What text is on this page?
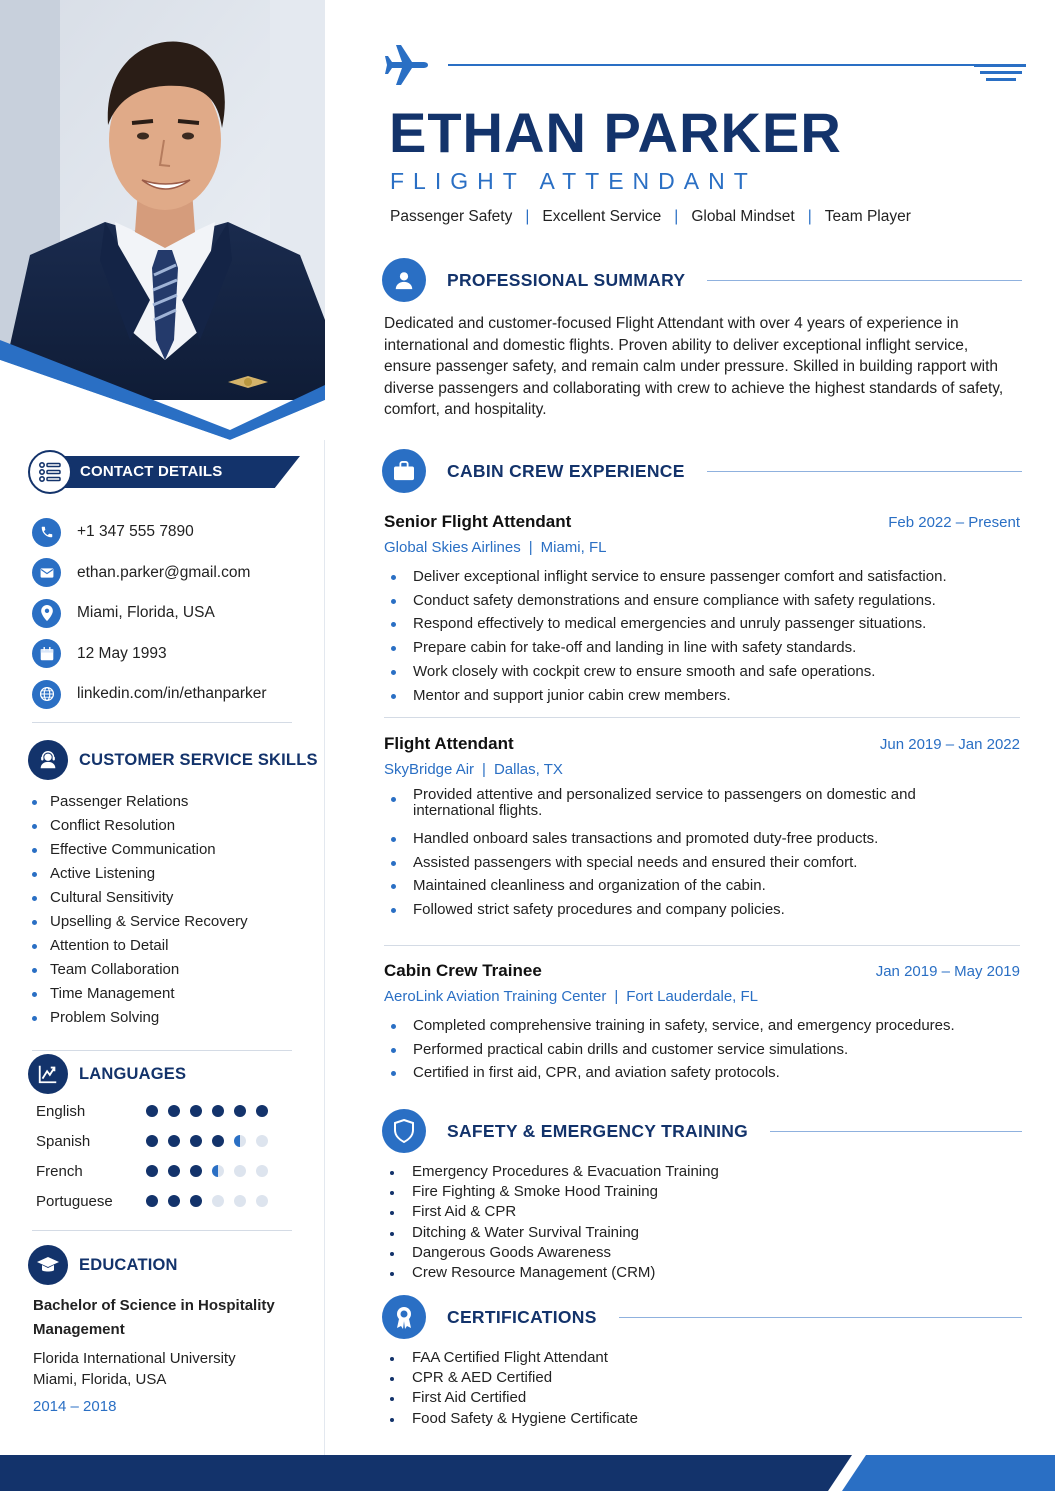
CONTACT DETAILS
+1 347 555 7890
ethan.parker@gmail.com
Miami, Florida, USA
12 May 1993
linkedin.com/in/ethanparker
CUSTOMER SERVICE SKILLS
Passenger Relations
Conflict Resolution
Effective Communication
Active Listening
Cultural Sensitivity
Upselling & Service Recovery
Attention to Detail
Team Collaboration
Time Management
Problem Solving
LANGUAGES
English
Spanish
French
Portuguese
EDUCATION
Bachelor of Science in Hospitality Management
Florida International University
Miami, Florida, USA
2014 – 2018
ETHAN PARKER
FLIGHT ATTENDANT
Passenger Safety | Excellent Service | Global Mindset | Team Player
PROFESSIONAL SUMMARY

Dedicated and customer-focused Flight Attendant with over 4 years of experience in international and domestic flights. Proven ability to deliver exceptional inflight service, ensure passenger safety, and remain calm under pressure. Skilled in building rapport with diverse passengers and collaborating with crew to achieve the highest standards of safety, comfort, and hospitality.

CABIN CREW EXPERIENCE
Senior Flight Attendant	Feb 2022 – Present
Global Skies Airlines | Miami, FL
Deliver exceptional inflight service to ensure passenger comfort and satisfaction.
Conduct safety demonstrations and ensure compliance with safety regulations.
Respond effectively to medical emergencies and unruly passenger situations.
Prepare cabin for take-off and landing in line with safety standards.
Work closely with cockpit crew to ensure smooth and safe operations.
Mentor and support junior cabin crew members.
Flight Attendant	Jun 2019 – Jan 2022
SkyBridge Air | Dallas, TX
Provided attentive and personalized service to passengers on domestic and international flights.
Handled onboard sales transactions and promoted duty-free products.
Assisted passengers with special needs and ensured their comfort.
Maintained cleanliness and organization of the cabin.
Followed strict safety procedures and company policies.
Cabin Crew Trainee	Jan 2019 – May 2019
AeroLink Aviation Training Center | Fort Lauderdale, FL
Completed comprehensive training in safety, service, and emergency procedures.
Performed practical cabin drills and customer service simulations.
Certified in first aid, CPR, and aviation safety protocols.
SAFETY & EMERGENCY TRAINING
Emergency Procedures & Evacuation Training
Fire Fighting & Smoke Hood Training
First Aid & CPR
Ditching & Water Survival Training
Dangerous Goods Awareness
Crew Resource Management (CRM)
CERTIFICATIONS
FAA Certified Flight Attendant
CPR & AED Certified
First Aid Certified
Food Safety & Hygiene Certificate
